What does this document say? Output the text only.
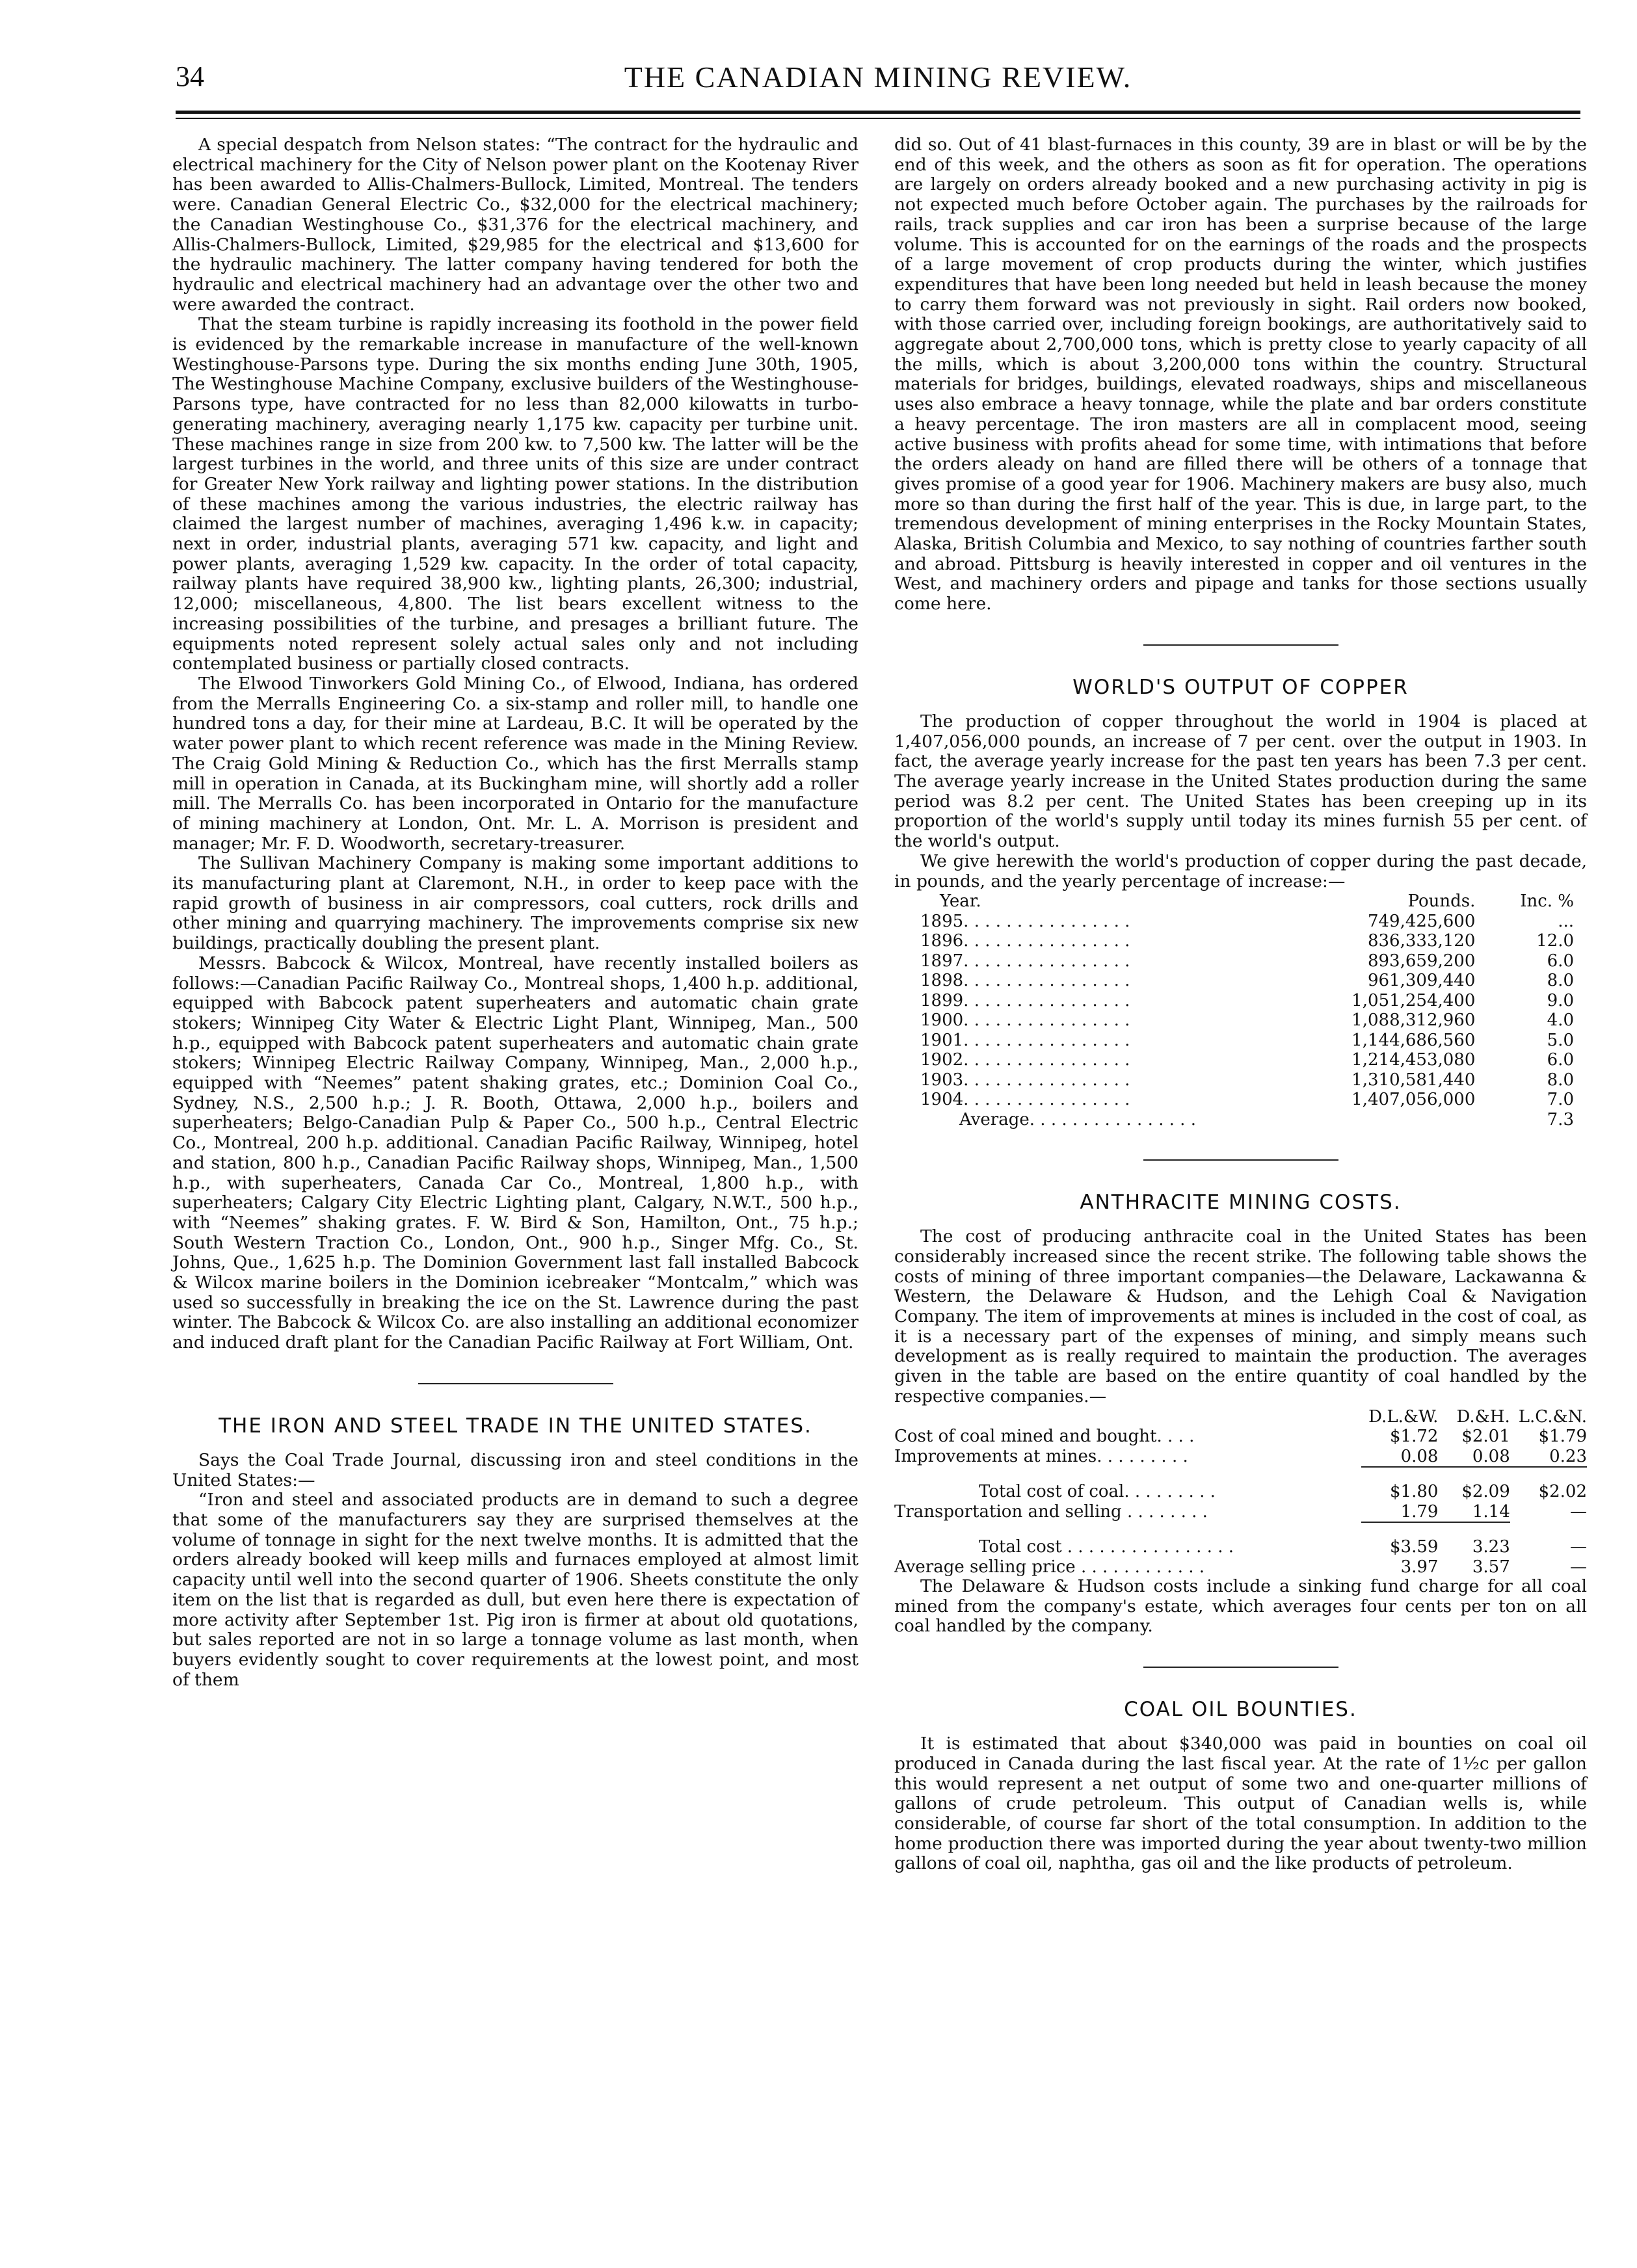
34	THE CANADIAN MINING REVIEW.

A special despatch from Nelson states: “The contract for the hydraulic and electrical machinery for the City of Nelson power plant on the Kootenay River has been awarded to Allis-Chalmers-Bullock, Limited, Montreal. The tenders were. Canadian General Electric Co., $32,000 for the electrical machinery; the Canadian Westinghouse Co., $31,376 for the electrical machinery, and Allis-Chalmers-Bullock, Limited, $29,985 for the electrical and $13,600 for the hydraulic machinery. The latter company having tendered for both the hydraulic and electrical machinery had an advantage over the other two and were awarded the contract.

That the steam turbine is rapidly increasing its foothold in the power field is evidenced by the remarkable increase in manufacture of the well-known Westinghouse-Parsons type. During the six months ending June 30th, 1905, The Westinghouse Machine Company, exclusive builders of the Westinghouse-Parsons type, have contracted for no less than 82,000 kilowatts in turbo-generating machinery, averaging nearly 1,175 kw. capacity per turbine unit. These machines range in size from 200 kw. to 7,500 kw. The latter will be the largest turbines in the world, and three units of this size are under contract for Greater New York railway and lighting power stations. In the distribution of these machines among the various industries, the electric railway has claimed the largest number of machines, averaging 1,496 k.w. in capacity; next in order, industrial plants, averaging 571 kw. capacity, and light and power plants, averaging 1,529 kw. capacity. In the order of total capacity, railway plants have required 38,900 kw., lighting plants, 26,300; industrial, 12,000; miscellaneous, 4,800. The list bears excellent witness to the increasing possibilities of the turbine, and presages a brilliant future. The equipments noted represent solely actual sales only and not including contemplated business or partially closed contracts.

The Elwood Tinworkers Gold Mining Co., of Elwood, Indiana, has ordered from the Merralls Engineering Co. a six-stamp and roller mill, to handle one hundred tons a day, for their mine at Lardeau, B.C. It will be operated by the water power plant to which recent reference was made in the Mining Review. The Craig Gold Mining & Reduction Co., which has the first Merralls stamp mill in operation in Canada, at its Buckingham mine, will shortly add a roller mill. The Merralls Co. has been incorporated in Ontario for the manufacture of mining machinery at London, Ont. Mr. L. A. Morrison is president and manager; Mr. F. D. Woodworth, secretary-treasurer.

The Sullivan Machinery Company is making some important additions to its manufacturing plant at Claremont, N.H., in order to keep pace with the rapid growth of business in air compressors, coal cutters, rock drills and other mining and quarrying machinery. The improvements comprise six new buildings, practically doubling the present plant.

Messrs. Babcock & Wilcox, Montreal, have recently installed boilers as follows:—Canadian Pacific Railway Co., Montreal shops, 1,400 h.p. additional, equipped with Babcock patent superheaters and automatic chain grate stokers; Winnipeg City Water & Electric Light Plant, Winnipeg, Man., 500 h.p., equipped with Babcock patent superheaters and automatic chain grate stokers; Winnipeg Electric Railway Company, Winnipeg, Man., 2,000 h.p., equipped with “Neemes” patent shaking grates, etc.; Dominion Coal Co., Sydney, N.S., 2,500 h.p.; J. R. Booth, Ottawa, 2,000 h.p., boilers and superheaters; Belgo-Canadian Pulp & Paper Co., 500 h.p., Central Electric Co., Montreal, 200 h.p. additional. Canadian Pacific Railway, Winnipeg, hotel and station, 800 h.p., Canadian Pacific Railway shops, Winnipeg, Man., 1,500 h.p., with superheaters, Canada Car Co., Montreal, 1,800 h.p., with superheaters; Calgary City Electric Lighting plant, Calgary, N.W.T., 500 h.p., with “Neemes” shaking grates. F. W. Bird & Son, Hamilton, Ont., 75 h.p.; South Western Traction Co., London, Ont., 900 h.p., Singer Mfg. Co., St. Johns, Que., 1,625 h.p. The Dominion Government last fall installed Babcock & Wilcox marine boilers in the Dominion icebreaker “Montcalm,” which was used so successfully in breaking the ice on the St. Lawrence during the past winter. The Babcock & Wilcox Co. are also installing an additional economizer and induced draft plant for the Canadian Pacific Railway at Fort William, Ont.

THE IRON AND STEEL TRADE IN THE UNITED STATES.

Says the Coal Trade Journal, discussing iron and steel conditions in the United States:—

“Iron and steel and associated products are in demand to such a degree that some of the manufacturers say they are surprised themselves at the volume of tonnage in sight for the next twelve months. It is admitted that the orders already booked will keep mills and furnaces employed at almost limit capacity until well into the second quarter of 1906. Sheets constitute the only item on the list that is regarded as dull, but even here there is expectation of more activity after September 1st. Pig iron is firmer at about old quotations, but sales reported are not in so large a tonnage volume as last month, when buyers evidently sought to cover requirements at the lowest point, and most of them

did so. Out of 41 blast-furnaces in this county, 39 are in blast or will be by the end of this week, and the others as soon as fit for operation. The operations are largely on orders already booked and a new purchasing activity in pig is not expected much before October again. The purchases by the railroads for rails, track supplies and car iron has been a surprise because of the large volume. This is accounted for on the earnings of the roads and the prospects of a large movement of crop products during the winter, which justifies expenditures that have been long needed but held in leash because the money to carry them forward was not previously in sight. Rail orders now booked, with those carried over, including foreign bookings, are authoritatively said to aggregate about 2,700,000 tons, which is pretty close to yearly capacity of all the mills, which is about 3,200,000 tons within the country. Structural materials for bridges, buildings, elevated roadways, ships and miscellaneous uses also embrace a heavy tonnage, while the plate and bar orders constitute a heavy percentage. The iron masters are all in complacent mood, seeing active business with profits ahead for some time, with intimations that before the orders aleady on hand are filled there will be others of a tonnage that gives promise of a good year for 1906. Machinery makers are busy also, much more so than during the first half of the year. This is due, in large part, to the tremendous development of mining enterprises in the Rocky Mountain States, Alaska, British Columbia and Mexico, to say nothing of countries farther south and abroad. Pittsburg is heavily interested in copper and oil ventures in the West, and machinery orders and pipage and tanks for those sections usually come here.

WORLD'S OUTPUT OF COPPER

The production of copper throughout the world in 1904 is placed at 1,407,056,000 pounds, an increase of 7 per cent. over the output in 1903. In fact, the average yearly increase for the past ten years has been 7.3 per cent. The average yearly increase in the United States production during the same period was 8.2 per cent. The United States has been creeping up in its proportion of the world's supply until today its mines furnish 55 per cent. of the world's output.

We give herewith the world's production of copper during the past decade, in pounds, and the yearly percentage of increase:—

Year.	Pounds.	Inc. %
1895. . . . . . . . . . . . . . . .	749,425,600	...
1896. . . . . . . . . . . . . . . .	836,333,120	12.0
1897. . . . . . . . . . . . . . . .	893,659,200	6.0
1898. . . . . . . . . . . . . . . .	961,309,440	8.0
1899. . . . . . . . . . . . . . . .	1,051,254,400	9.0
1900. . . . . . . . . . . . . . . .	1,088,312,960	4.0
1901. . . . . . . . . . . . . . . .	1,144,686,560	5.0
1902. . . . . . . . . . . . . . . .	1,214,453,080	6.0
1903. . . . . . . . . . . . . . . .	1,310,581,440	8.0
1904. . . . . . . . . . . . . . . .	1,407,056,000	7.0
Average. . . . . . . . . . . . . . . .		7.3
ANTHRACITE MINING COSTS.

The cost of producing anthracite coal in the United States has been considerably increased since the recent strike. The following table shows the costs of mining of three important companies—the Delaware, Lackawanna & Western, the Delaware & Hudson, and the Lehigh Coal & Navigation Company. The item of improvements at mines is included in the cost of coal, as it is a necessary part of the expenses of mining, and simply means such development as is really required to maintain the production. The averages given in the table are based on the entire quantity of coal handled by the respective companies.—

	D.L.&W.	D.&H.	L.C.&N.
Cost of coal mined and bought. . . .	$1.72	$2.01	$1.79
Improvements at mines. . . . . . . . .	0.08	0.08	0.23

Total cost of coal. . . . . . . . .	$1.80	$2.09	$2.02
Transportation and selling . . . . . . . .	1.79	1.14	—

Total cost . . . . . . . . . . . . . . . .	$3.59	3.23	—
Average selling price . . . . . . . . . . . .	3.97	3.57	—

The Delaware & Hudson costs include a sinking fund charge for all coal mined from the company's estate, which averages four cents per ton on all coal handled by the company.

COAL OIL BOUNTIES.

It is estimated that about $340,000 was paid in bounties on coal oil produced in Canada during the last fiscal year. At the rate of 1½c per gallon this would represent a net output of some two and one-quarter millions of gallons of crude petroleum. This output of Canadian wells is, while considerable, of course far short of the total consumption. In addition to the home production there was imported during the year about twenty-two million gallons of coal oil, naphtha, gas oil and the like products of petroleum.
